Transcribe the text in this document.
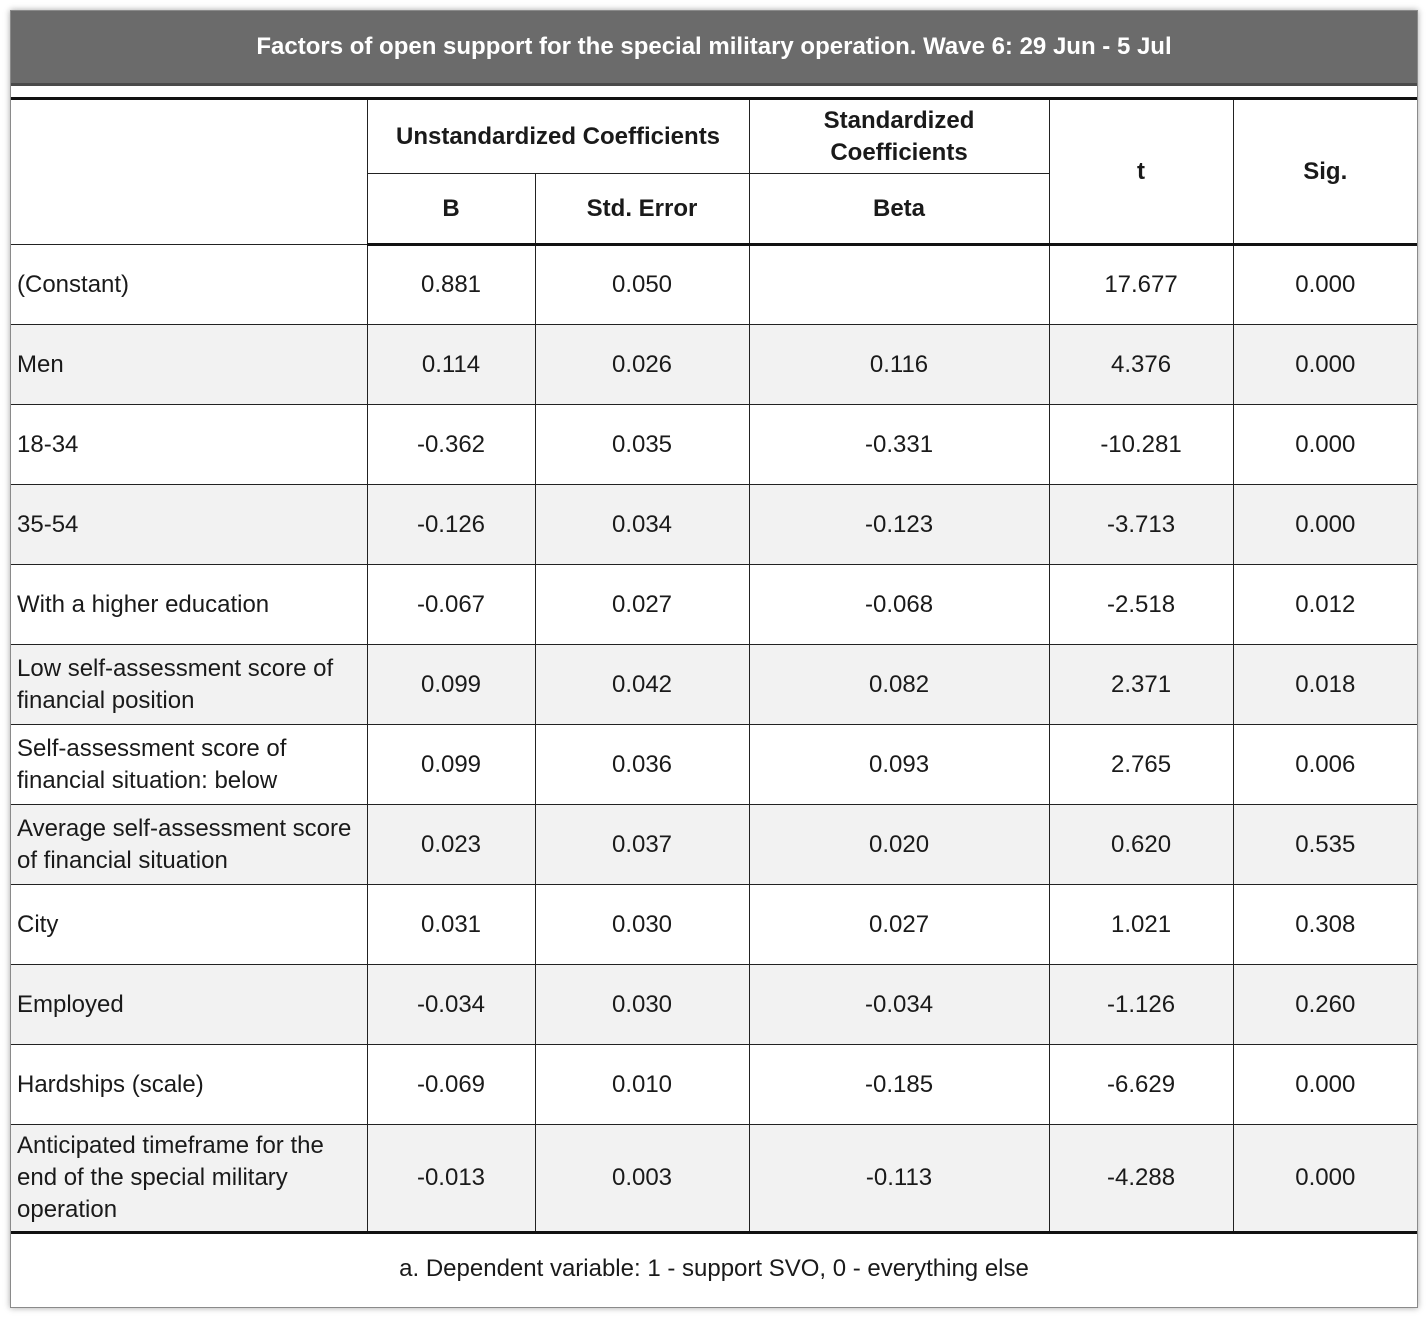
Factors of open support for the special military operation. Wave 6: 29 Jun - 5 Jul
	Unstandardized Coefficients		Standardized Coefficients	t	Sig.
	B	Std. Error	Beta		
(Constant)	0.881	0.050		17.677	0.000
Men	0.114	0.026	0.116	4.376	0.000
18-34	-0.362	0.035	-0.331	-10.281	0.000
35-54	-0.126	0.034	-0.123	-3.713	0.000
With a higher education	-0.067	0.027	-0.068	-2.518	0.012
Low self-assessment score of financial position	0.099	0.042	0.082	2.371	0.018
Self-assessment score of financial situation: below	0.099	0.036	0.093	2.765	0.006
Average self-assessment score of financial situation	0.023	0.037	0.020	0.620	0.535
City	0.031	0.030	0.027	1.021	0.308
Employed	-0.034	0.030	-0.034	-1.126	0.260
Hardships (scale)	-0.069	0.010	-0.185	-6.629	0.000
Anticipated timeframe for the end of the special military operation	-0.013	0.003	-0.113	-4.288	0.000
a. Dependent variable: 1 - support SVO, 0 - everything else					
